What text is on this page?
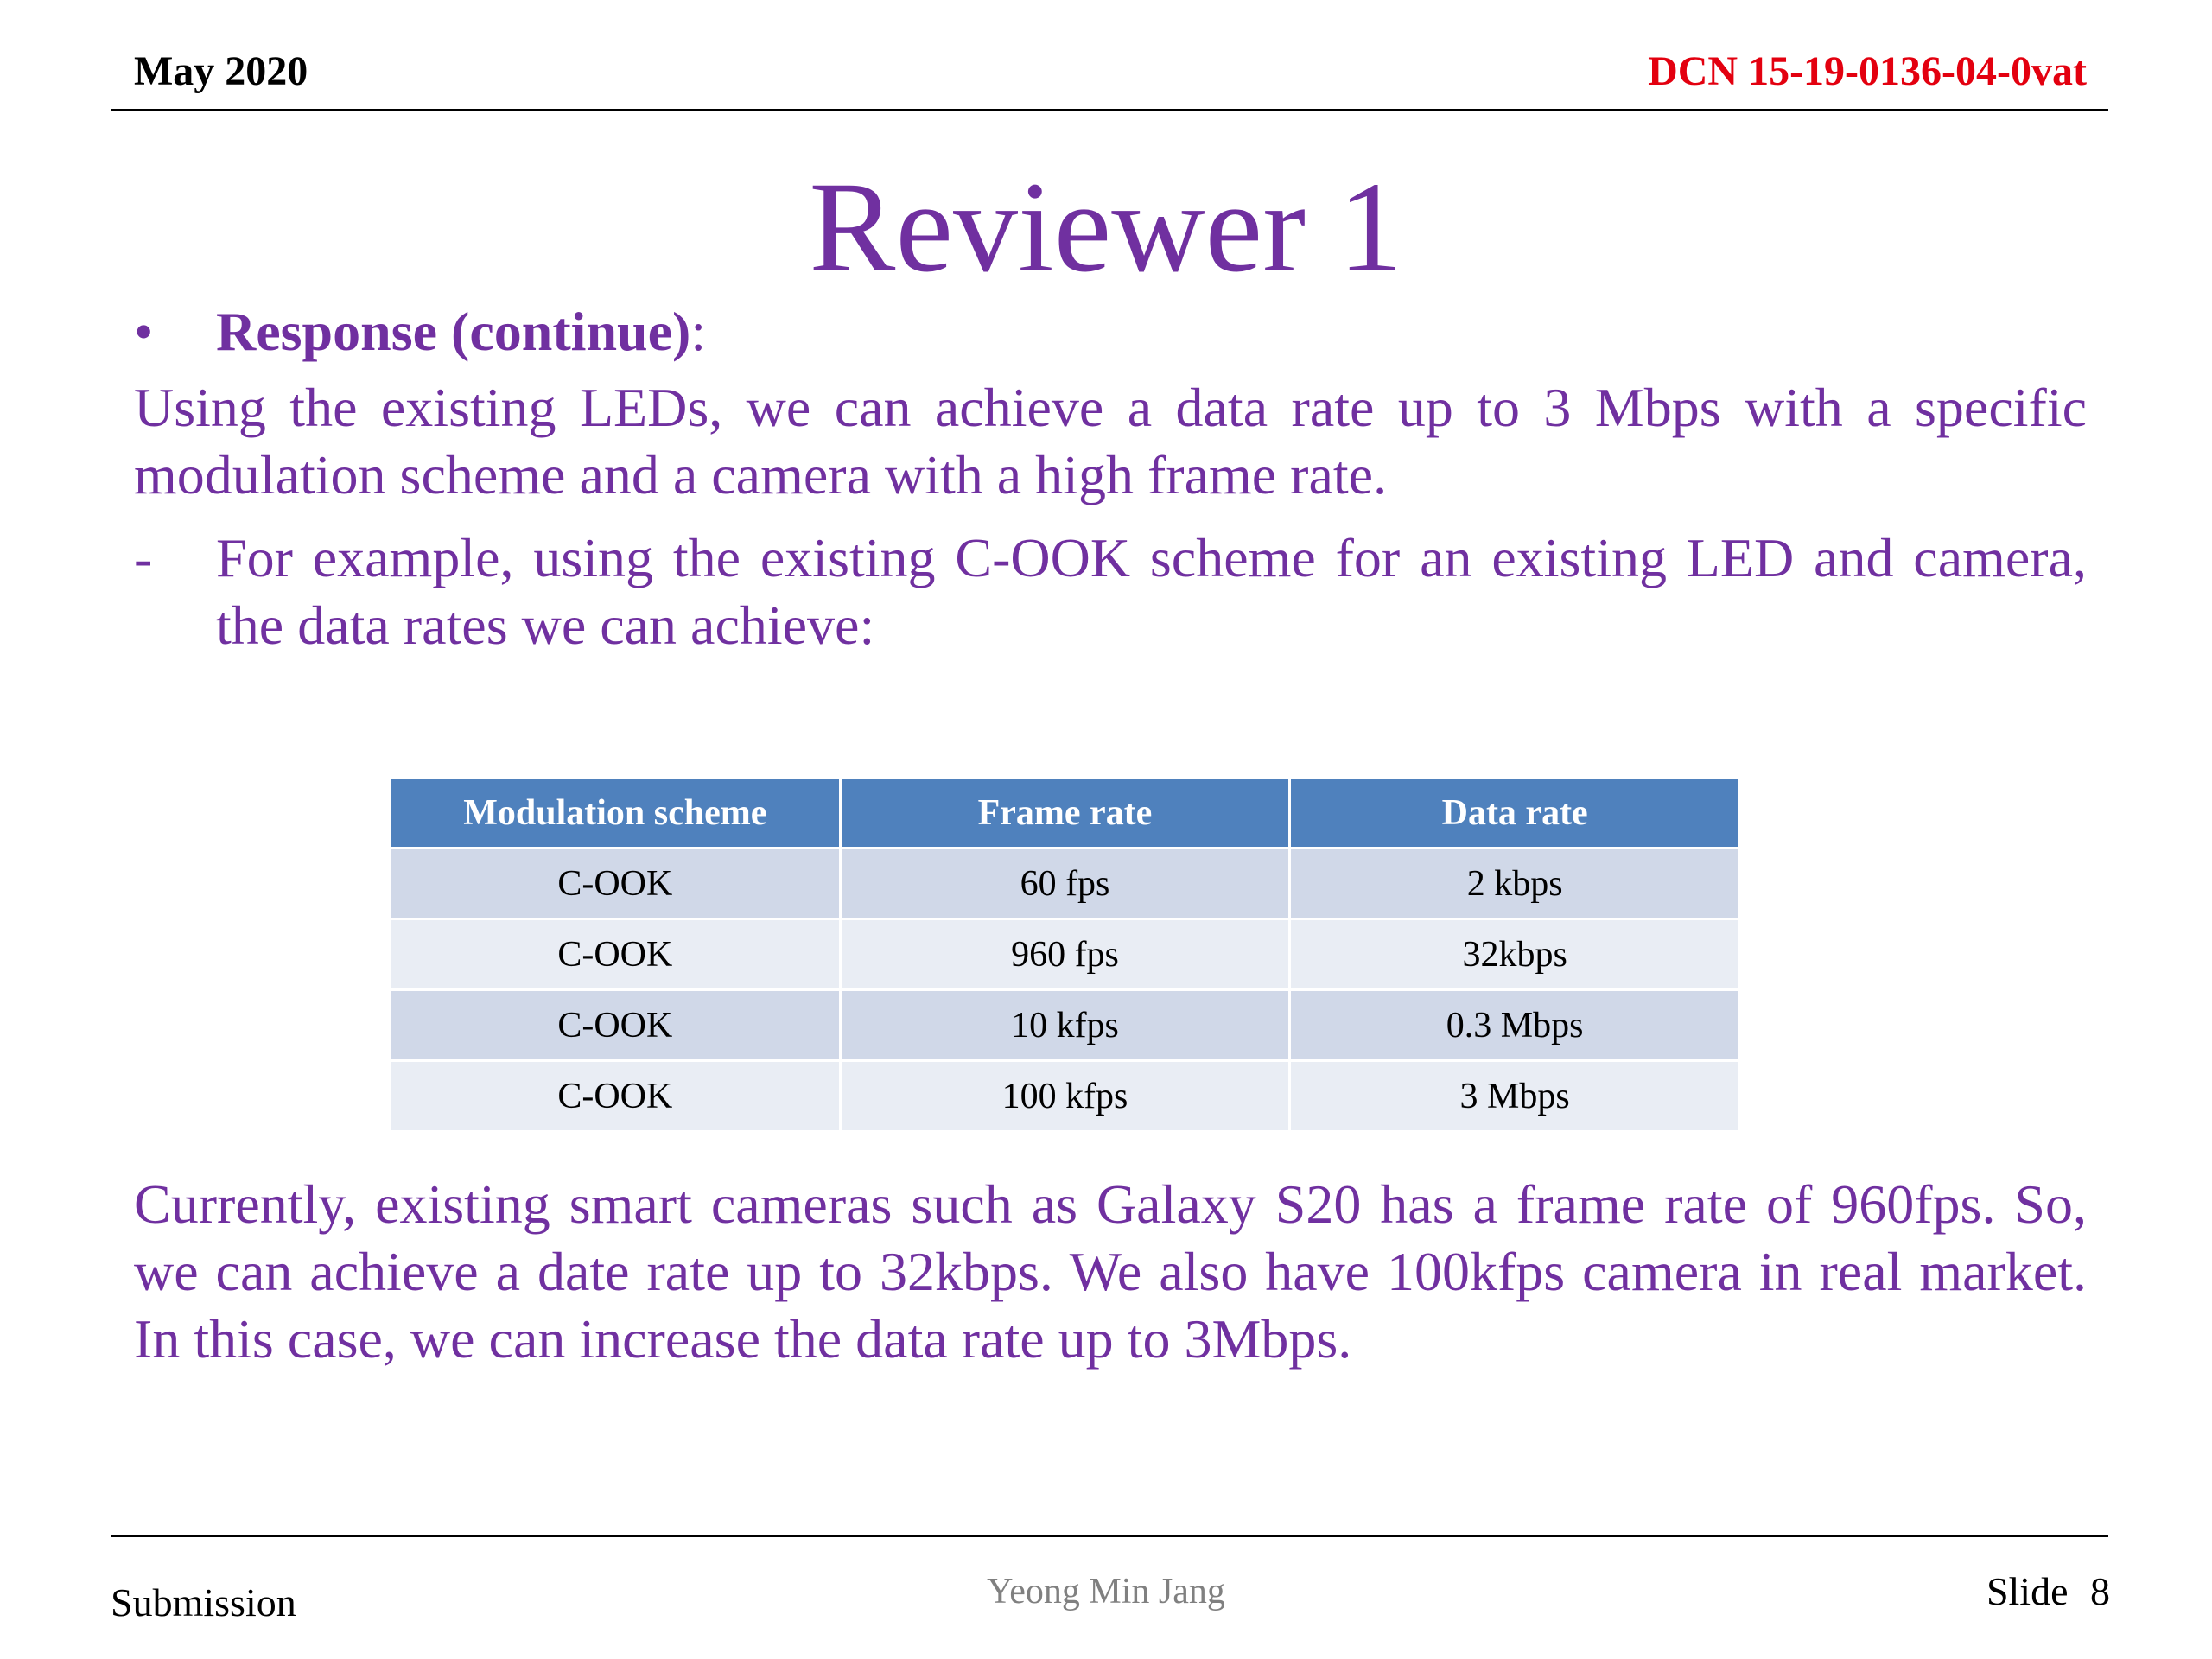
May 2020	DCN 15-19-0136-04-0vat
Reviewer 1
• Response (continue):
Using the existing LEDs, we can achieve a data rate up to 3 Mbps with a specific modulation scheme and a camera with a high frame rate.
- For example, using the existing C-OOK scheme for an existing LED and camera, the data rates we can achieve:
Modulation scheme	Frame rate	Data rate
C-OOK	60 fps	2 kbps
C-OOK	960 fps	32kbps
C-OOK	10 kfps	0.3 Mbps
C-OOK	100 kfps	3 Mbps
Currently, existing smart cameras such as Galaxy S20 has a frame rate of 960fps. So, we can achieve a date rate up to 32kbps. We also have 100kfps camera in real market. In this case, we can increase the data rate up to 3Mbps.
Submission	Yeong Min Jang	Slide 8
